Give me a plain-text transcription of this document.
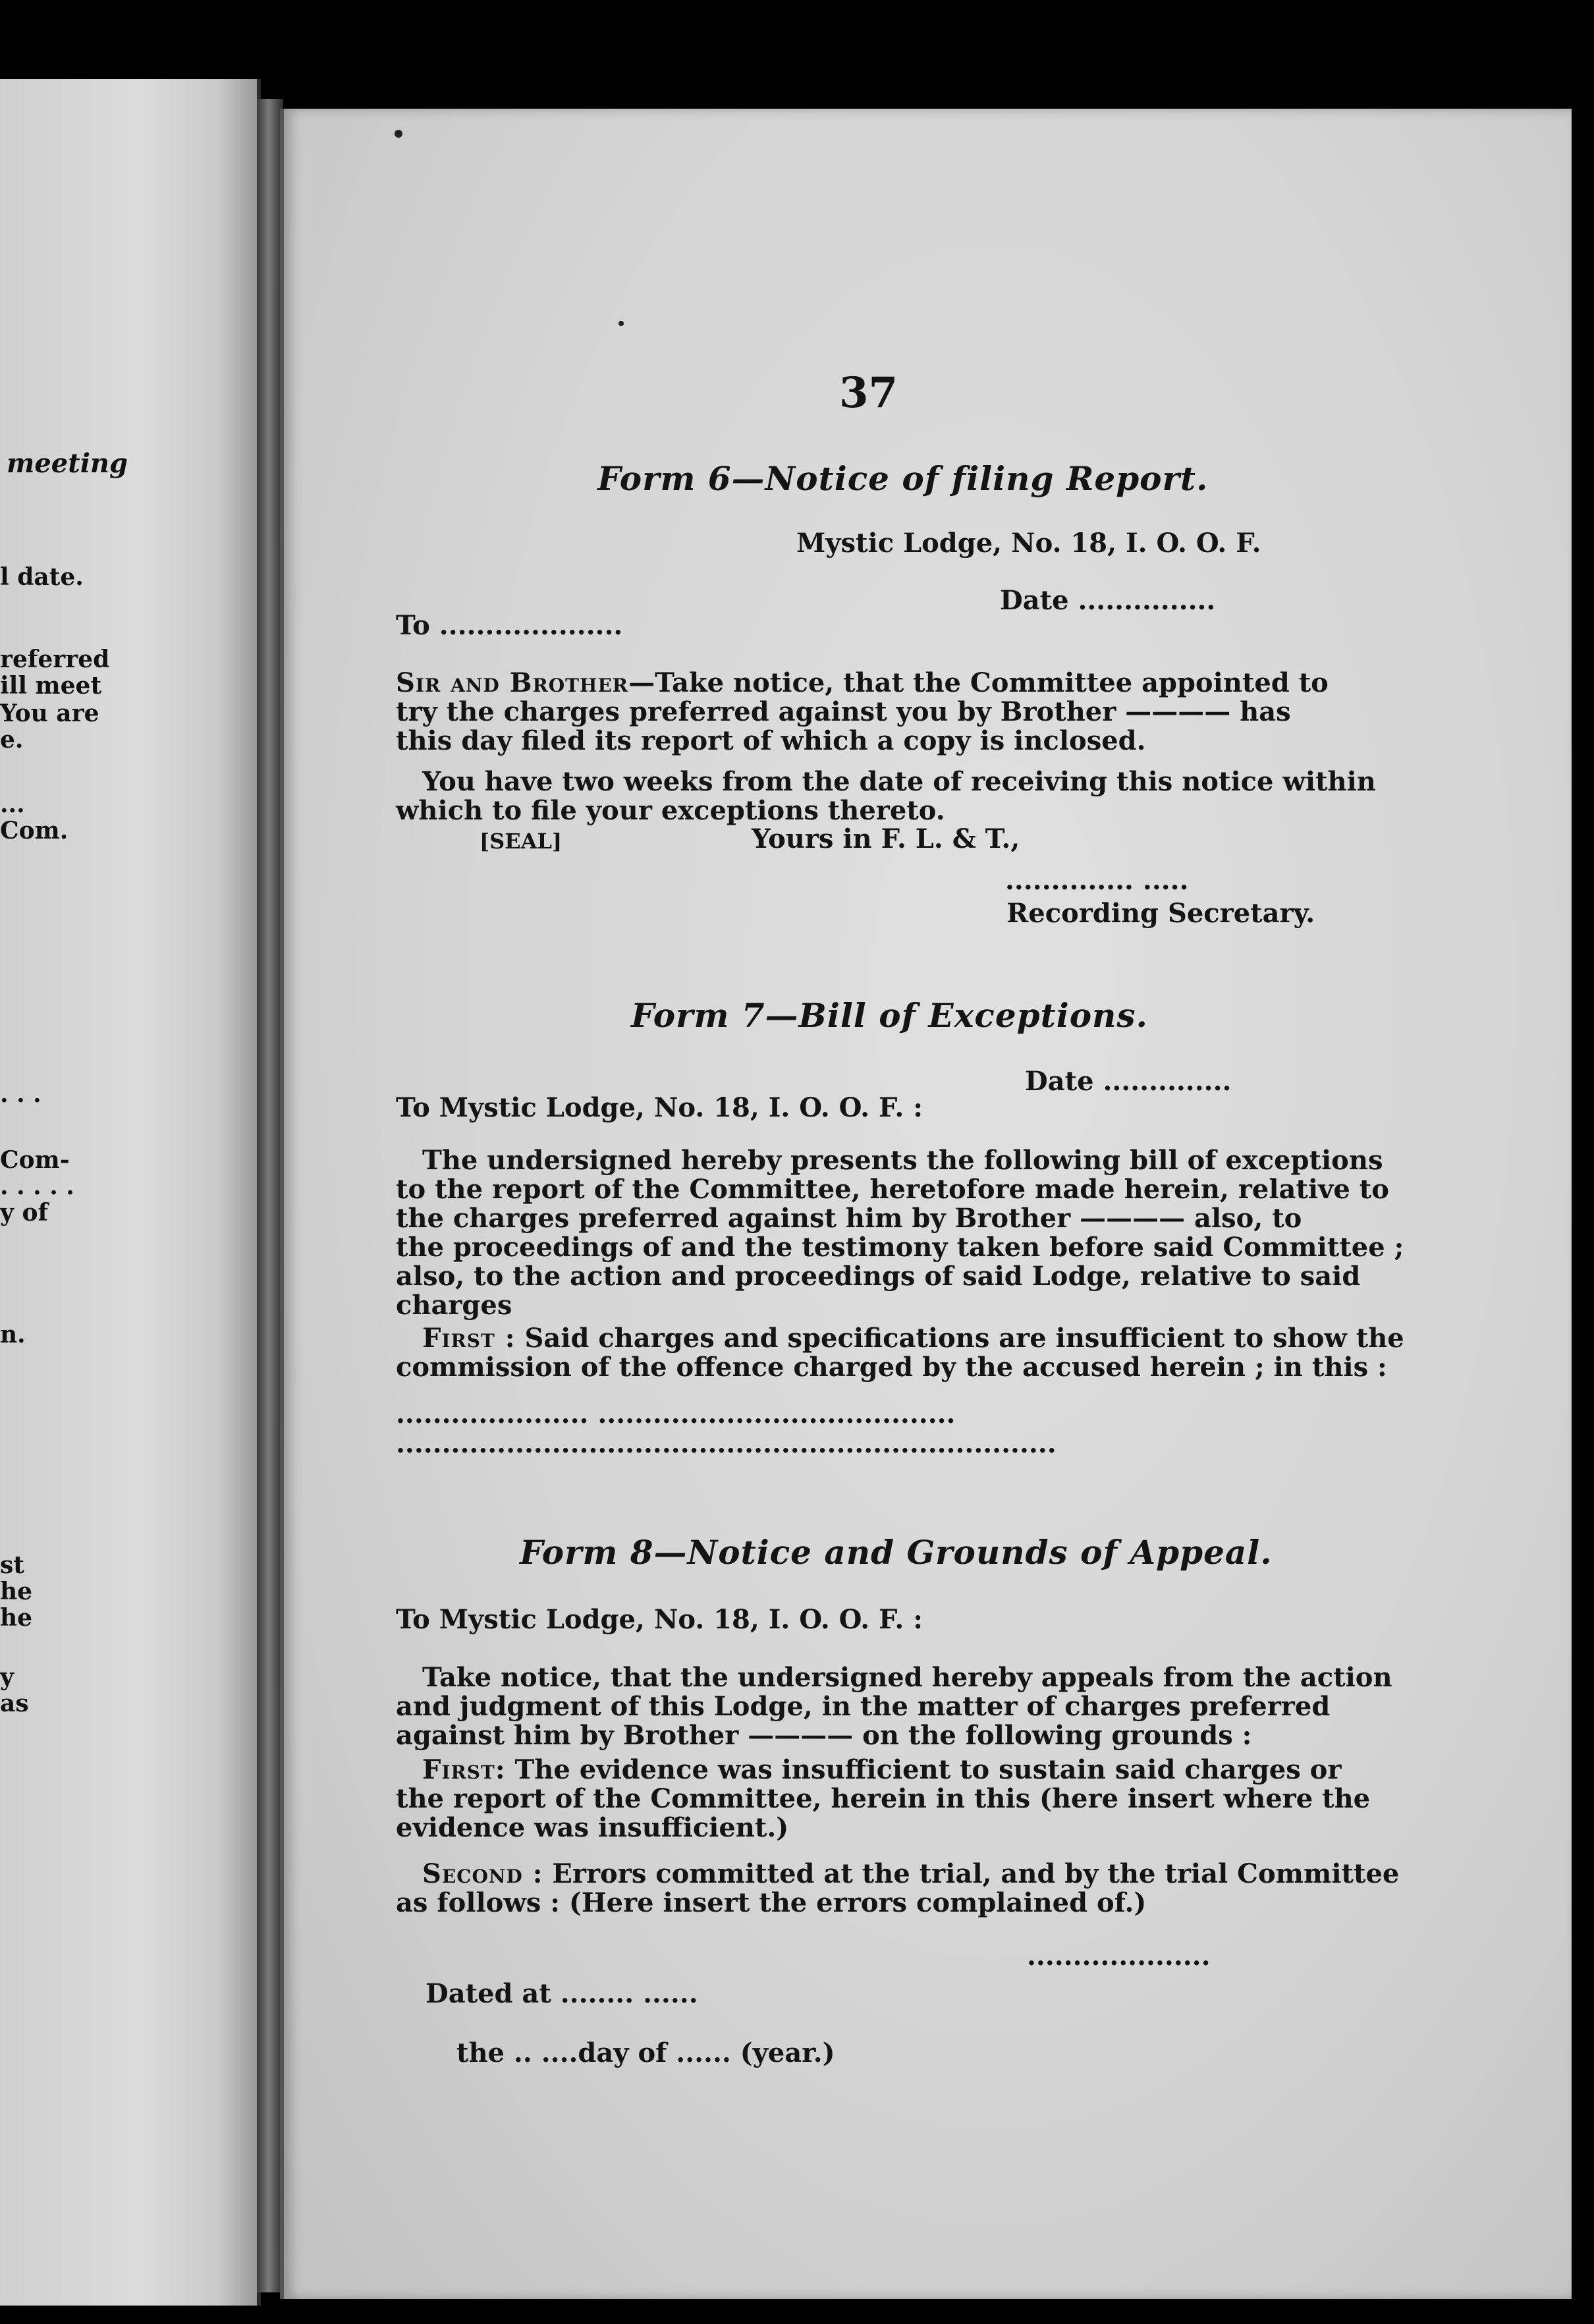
meeting
l date.
referred
ill meet
You are
e.
...
Com.
. . .
Com-
. . . . .
y of
n.
st
he
he
y
as
37
Form 6—Notice of filing Report.
Mystic Lodge, No. 18, I. O. O. F.
Date ...............
To ....................
Sir and Brother—Take notice, that the Committee appointed to
try the charges preferred against you by Brother ———— has
this day filed its report of which a copy is inclosed.
You have two weeks from the date of receiving this notice within
which to file your exceptions thereto.
[SEAL]	Yours in F. L. & T.,
.............. .....
Recording Secretary.
Form 7—Bill of Exceptions.
Date ..............
To Mystic Lodge, No. 18, I. O. O. F. :
The undersigned hereby presents the following bill of exceptions
to the report of the Committee, heretofore made herein, relative to
the charges preferred against him by Brother ———— also, to
the proceedings of and the testimony taken before said Committee ;
also, to the action and proceedings of said Lodge, relative to said
charges
First : Said charges and specifications are insufficient to show the
commission of the offence charged by the accused herein ; in this :
..................... .......................................
........................................................................
Form 8—Notice and Grounds of Appeal.
To Mystic Lodge, No. 18, I. O. O. F. :
Take notice, that the undersigned hereby appeals from the action
and judgment of this Lodge, in the matter of charges preferred
against him by Brother ———— on the following grounds :
First: The evidence was insufficient to sustain said charges or
the report of the Committee, herein in this (here insert where the
evidence was insufficient.)
Second : Errors committed at the trial, and by the trial Committee
as follows : (Here insert the errors complained of.)
....................
Dated at ........ ......
the .. ....day of ...... (year.)
